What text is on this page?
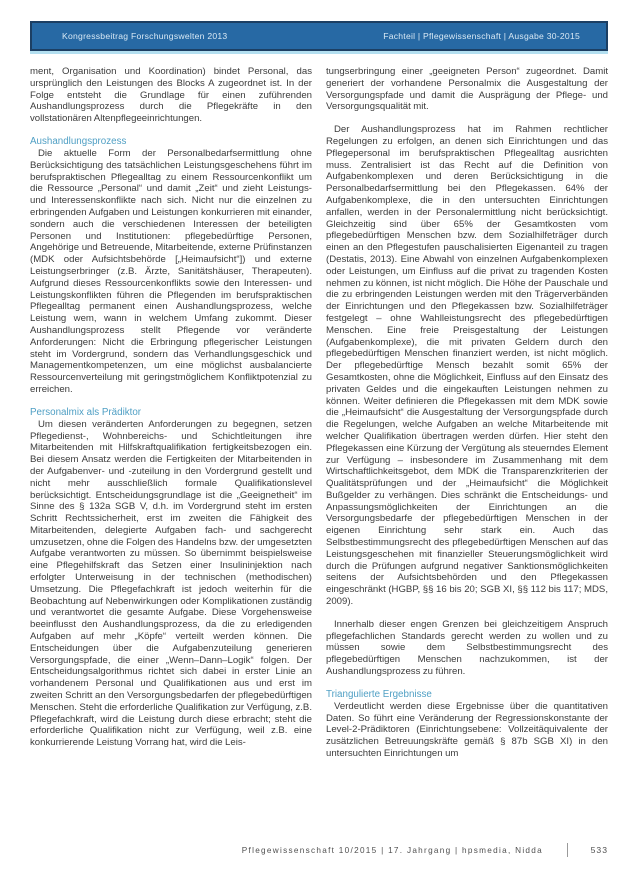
Kongressbeitrag Forschungswelten 2013	Fachteil | Pflegewissenschaft | Ausgabe 30-2015

ment, Organisation und Koordination) bindet Personal, das ursprünglich den Leistungen des Blocks A zugeordnet ist. In der Folge entsteht die Grundlage für einen zuführenden Aushandlungsprozess durch die Pflegekräfte in den vollstationären Altenpflegeeinrichtungen.

Aushandlungsprozess

Die aktuelle Form der Personalbedarfsermittlung ohne Berücksichtigung des tatsächlichen Leistungsgeschehens führt im berufspraktischen Pflegealltag zu einem Ressourcenkonflikt um die Ressource „Personal“ und damit „Zeit“ und zieht Leistungs- und Interessenskonflikte nach sich. Nicht nur die einzelnen zu erbringenden Aufgaben und Leistungen konkurrieren mit einander, sondern auch die verschiedenen Interessen der beteiligten Personen und Institutionen: pflegebedürftige Personen, Angehörige und Betreuende, Mitarbeitende, externe Prüfinstanzen (MDK oder Aufsichtsbehörde [„Heimaufsicht“]) und externe Leistungserbringer (z.B. Ärzte, Sanitätshäuser, Therapeuten). Aufgrund dieses Ressourcenkonflikts sowie den Interessen- und Leistungskonflikten führen die Pflegenden im berufspraktischen Pflegealltag permanent einen Aushandlungsprozess, welche Leistung wem, wann in welchem Umfang zukommt. Dieser Aushandlungsprozess stellt Pflegende vor veränderte Anforderungen: Nicht die Erbringung pflegerischer Leistungen steht im Vordergrund, sondern das Verhandlungsgeschick und Managementkompetenzen, um eine möglichst ausbalancierte Ressourcenverteilung mit geringstmöglichem Konfliktpotenzial zu erreichen.

Personalmix als Prädiktor

Um diesen veränderten Anforderungen zu begegnen, setzen Pflegedienst-, Wohnbereichs- und Schichtleitungen ihre Mitarbeitenden mit Hilfskraftqualifikation fertigkeitsbezogen ein. Bei diesem Ansatz werden die Fertigkeiten der Mitarbeitenden in der Aufgabenver- und -zuteilung in den Vordergrund gestellt und nicht mehr ausschließlich formale Qualifikationslevel berücksichtigt. Entscheidungsgrundlage ist die „Geeignetheit“ im Sinne des § 132a SGB V, d.h. im Vordergrund steht im ersten Schritt Rechtssicherheit, erst im zweiten die Fähigkeit des Mitarbeitenden, delegierte Aufgaben fach- und sachgerecht umzusetzen, ohne die Folgen des Handelns bzw. der umgesetzten Aufgabe verantworten zu müssen. So übernimmt beispielsweise eine Pflegehilfskraft das Setzen einer Insulininjektion nach erfolgter Unterweisung in der technischen (methodischen) Umsetzung. Die Pflegefachkraft ist jedoch weiterhin für die Beobachtung auf Nebenwirkungen oder Komplikationen zuständig und verantwortet die gesamte Aufgabe. Diese Vorgehensweise beeinflusst den Aushandlungsprozess, da die zu erledigenden Aufgaben auf mehr „Köpfe“ verteilt werden können. Die Entscheidungen über die Aufgabenzuteilung generieren Versorgungspfade, die einer „Wenn–Dann–Logik“ folgen. Der Entscheidungsalgorithmus richtet sich dabei in erster Linie an vorhandenem Personal und Qualifikationen aus und erst im zweiten Schritt an den Versorgungsbedarfen der pflegebedürftigen Menschen. Steht die erforderliche Qualifikation zur Verfügung, z.B. Pflegefachkraft, wird die Leistung durch diese erbracht; steht die erforderliche Qualifikation nicht zur Verfügung, weil z.B. eine konkurrierende Leistung Vorrang hat, wird die Leis-

tungserbringung einer „geeigneten Person“ zugeordnet. Damit generiert der vorhandene Personalmix die Ausgestaltung der Versorgungspfade und damit die Ausprägung der Pflege- und Versorgungsqualität mit.

Der Aushandlungsprozess hat im Rahmen rechtlicher Regelungen zu erfolgen, an denen sich Einrichtungen und das Pflegepersonal im berufspraktischen Pflegealltag ausrichten muss. Zentralisiert ist das Recht auf die Definition von Aufgabenkomplexen und deren Berücksichtigung in die Personalbedarfsermittlung bei den Pflegekassen. 64% der Aufgabenkomplexe, die in den untersuchten Einrichtungen anfallen, werden in der Personalermittlung nicht berücksichtigt. Gleichzeitig sind über 65% der Gesamtkosten vom pflegebedürftigen Menschen bzw. dem Sozialhilfeträger durch einen an den Pflegestufen pauschalisierten Eigenanteil zu tragen (Destatis, 2013). Eine Abwahl von einzelnen Aufgabenkomplexen oder Leistungen, um Einfluss auf die privat zu tragenden Kosten nehmen zu können, ist nicht möglich. Die Höhe der Pauschale und die zu erbringenden Leistungen werden mit den Trägerverbänden der Einrichtungen und den Pflegekassen bzw. Sozialhilfeträger festgelegt – ohne Wahlleistungsrecht des pflegebedürftigen Menschen. Eine freie Preisgestaltung der Leistungen (Aufgabenkomplexe), die mit privaten Geldern durch den pflegebedürftigen Menschen finanziert werden, ist nicht möglich. Der pflegebedürftige Mensch bezahlt somit 65% der Gesamtkosten, ohne die Möglichkeit, Einfluss auf den Einsatz des privaten Geldes und die eingekauften Leistungen nehmen zu können. Weiter definieren die Pflegekassen mit dem MDK sowie die „Heimaufsicht“ die Ausgestaltung der Versorgungspfade durch die Regelungen, welche Aufgaben an welche Mitarbeitende mit welcher Qualifikation übertragen werden dürfen. Hier steht den Pflegekassen eine Kürzung der Vergütung als steuerndes Element zur Verfügung – insbesondere im Zusammenhang mit dem Wirtschaftlichkeitsgebot, dem MDK die Transparenzkriterien der Qualitätsprüfungen und der „Heimaufsicht“ die Möglichkeit Bußgelder zu verhängen. Dies schränkt die Entscheidungs- und Anpassungsmöglichkeiten der Einrichtungen an die Versorgungsbedarfe der pflegebedürftigen Menschen in der eigenen Einrichtung sehr stark ein. Auch das Selbstbestimmungsrecht des pflegebedürftigen Menschen auf das Leistungsgeschehen mit finanzieller Steuerungsmöglichkeit wird durch die Prüfungen aufgrund negativer Sanktionsmöglichkeiten seitens der Aufsichtsbehörden und den Pflegekassen eingeschränkt (HGBP, §§ 16 bis 20; SGB XI, §§ 112 bis 117; MDS, 2009).

Innerhalb dieser engen Grenzen bei gleichzeitigem Anspruch pflegefachlichen Standards gerecht werden zu wollen und zu müssen sowie dem Selbstbestimmungsrecht des pflegebedürftigen Menschen nachzukommen, ist der Aushandlungsprozess zu führen.

Triangulierte Ergebnisse

Verdeutlicht werden diese Ergebnisse über die quantitativen Daten. So führt eine Veränderung der Regressionskonstante der Level-2-Prädiktoren (Einrichtungsebene: Vollzeitäquivalente der zusätzlichen Betreuungskräfte gemäß § 87b SGB XI) in den untersuchten Einrichtungen um

Pflegewissenschaft 10/2015 | 17. Jahrgang | hpsmedia, Nidda	533
